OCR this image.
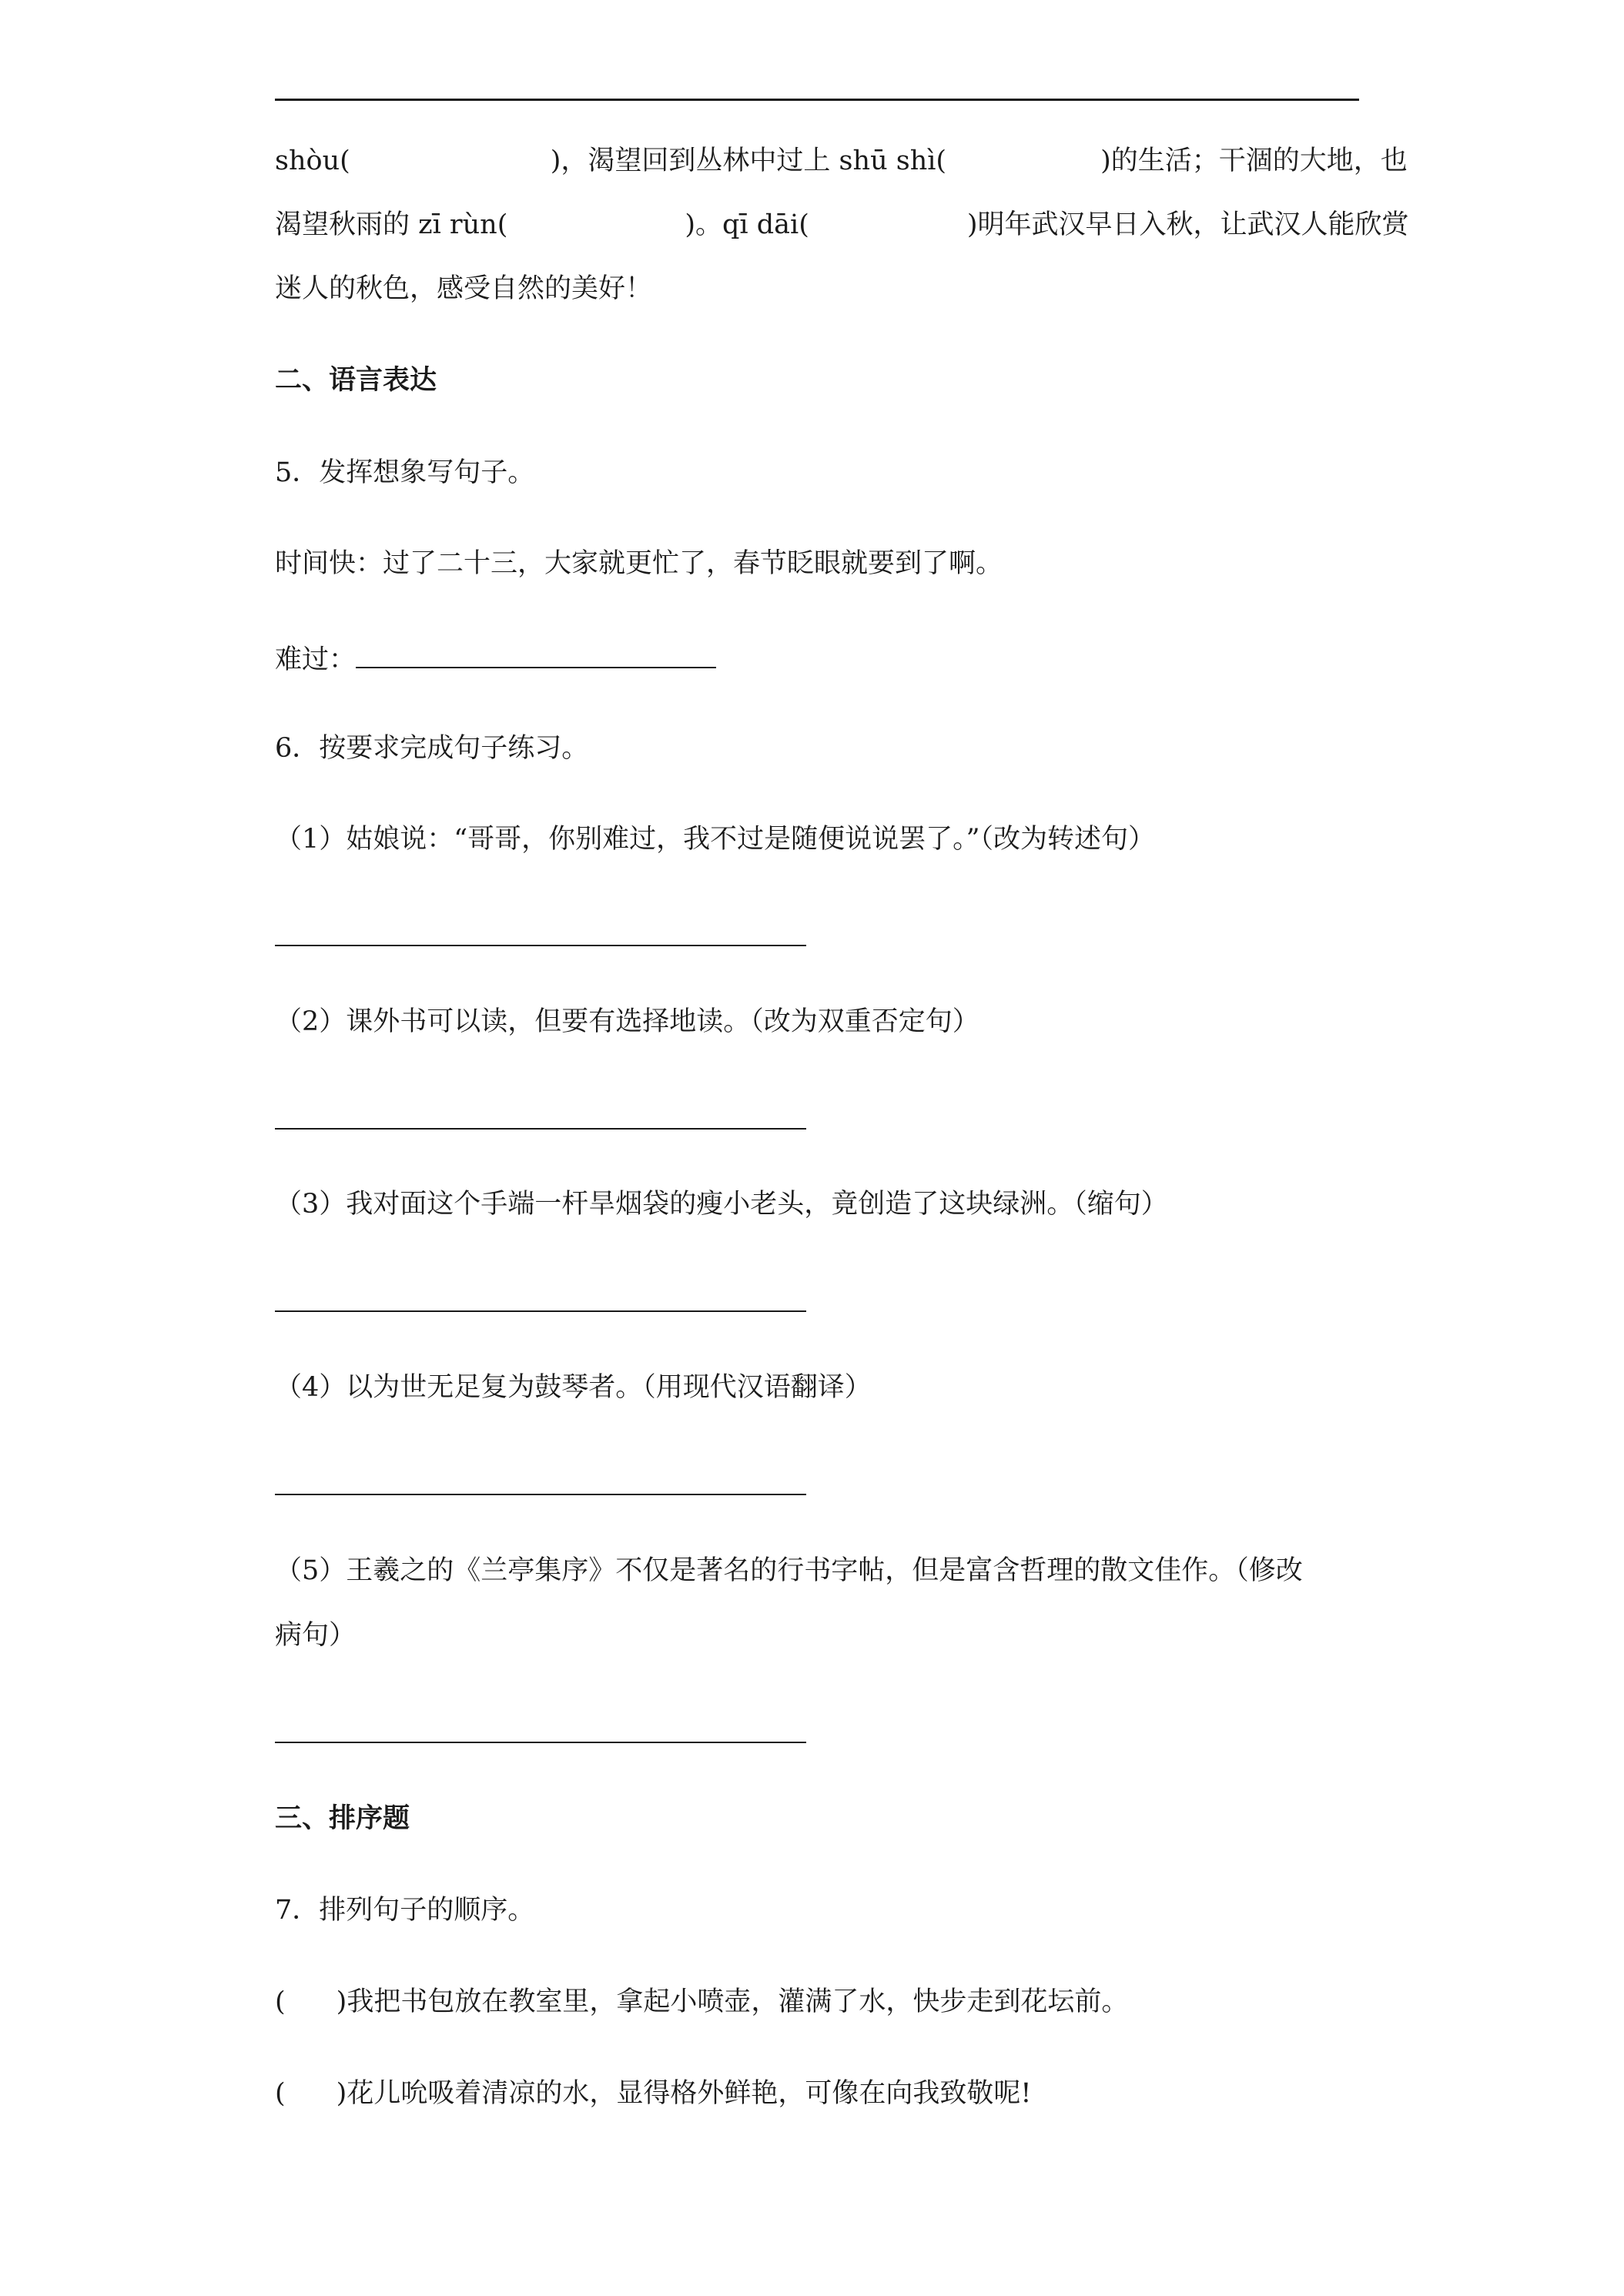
shòu(	)，渴望回到丛林中过上 shū shì(	)的生活；干涸的大地，也
渴望秋雨的 zī rùn(	)。qī dāi(	)明年武汉早日入秋，让武汉人能欣赏
迷人的秋色，感受自然的美好！
二、语言表达
5．发挥想象写句子。
时间快：过了二十三，大家就更忙了，春节眨眼就要到了啊。
难过：
6．按要求完成句子练习。
（1）姑娘说：“哥哥，你别难过，我不过是随便说说罢了。”（改为转述句）
（2）课外书可以读，但要有选择地读。（改为双重否定句）
（3）我对面这个手端一杆旱烟袋的瘦小老头，竟创造了这块绿洲。（缩句）
（4）以为世无足复为鼓琴者。（用现代汉语翻译）
（5）王羲之的《兰亭集序》不仅是著名的行书字帖，但是富含哲理的散文佳作。（修改
病句）
三、排序题
7．排列句子的顺序。
( )我把书包放在教室里，拿起小喷壶，灌满了水，快步走到花坛前。
( )花儿吮吸着清凉的水，显得格外鲜艳，可像在向我致敬呢!
